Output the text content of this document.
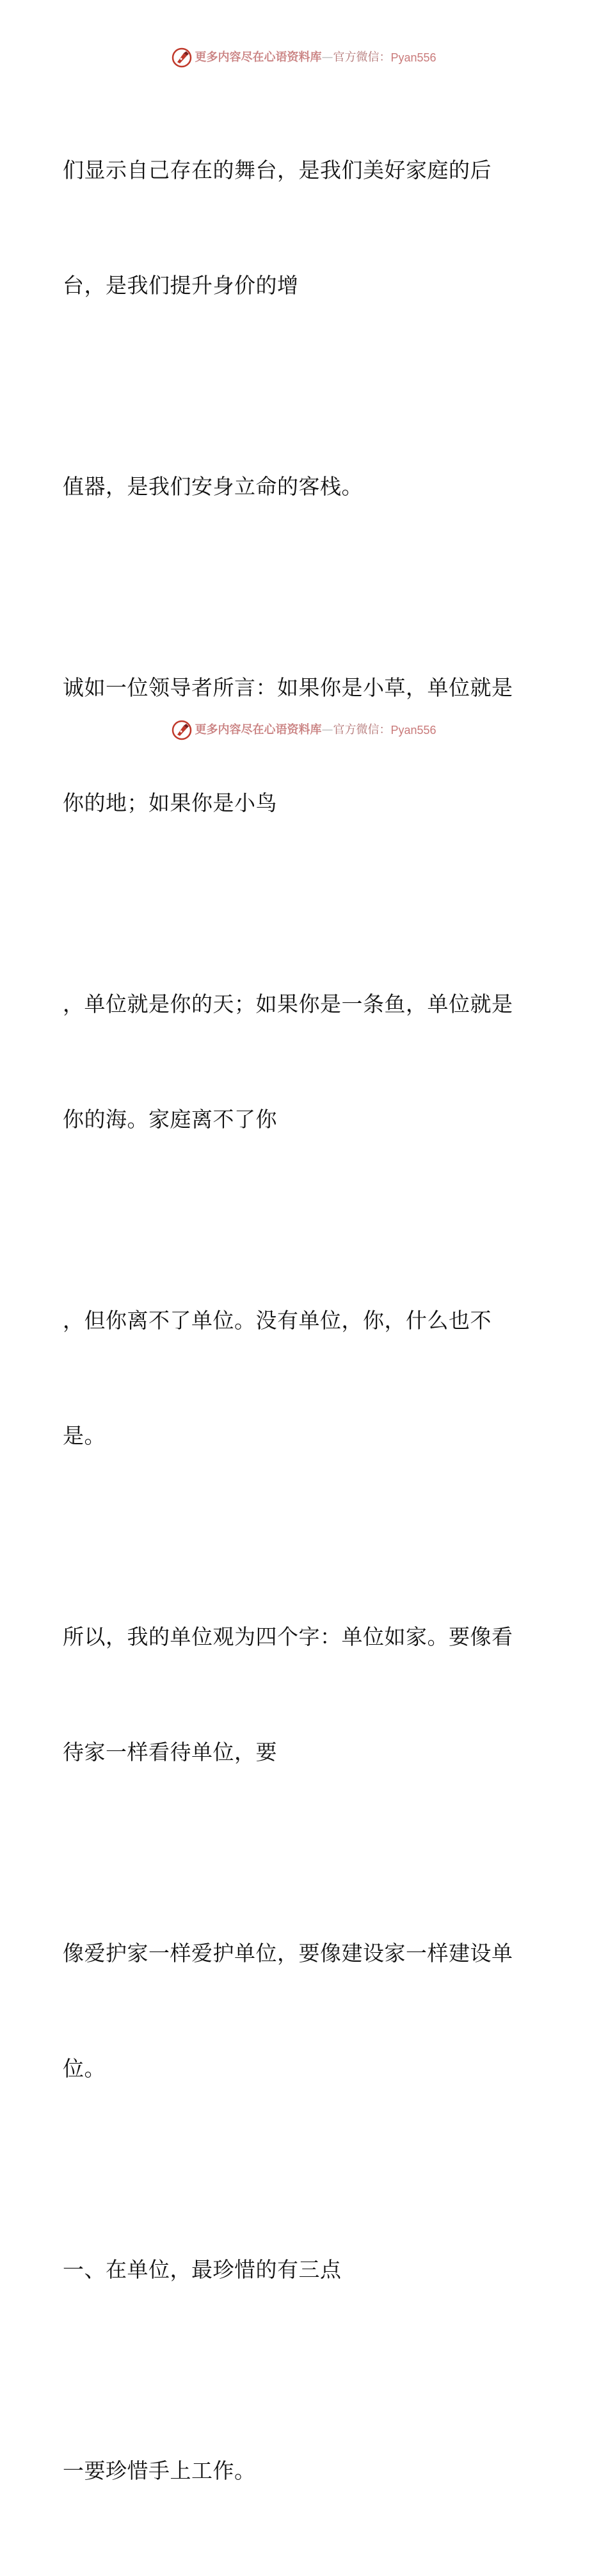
更多内容尽在心语资料库 — 官方微信： Pyan556

们显示自己存在的舞台，是我们美好家庭的后

台，是我们提升身价的增

值器，是我们安身立命的客栈。

诚如一位领导者所言：如果你是小草，单位就是

你的地；如果你是小鸟

，单位就是你的天；如果你是一条鱼，单位就是

你的海。家庭离不了你

，但你离不了单位。没有单位，你，什么也不

是。

所以，我的单位观为四个字：单位如家。要像看

待家一样看待单位，要

像爱护家一样爱护单位，要像建设家一样建设单

位。

一、在单位，最珍惜的有三点

一要珍惜手上工作。

更多内容尽在心语资料库 — 官方微信： Pyan556
